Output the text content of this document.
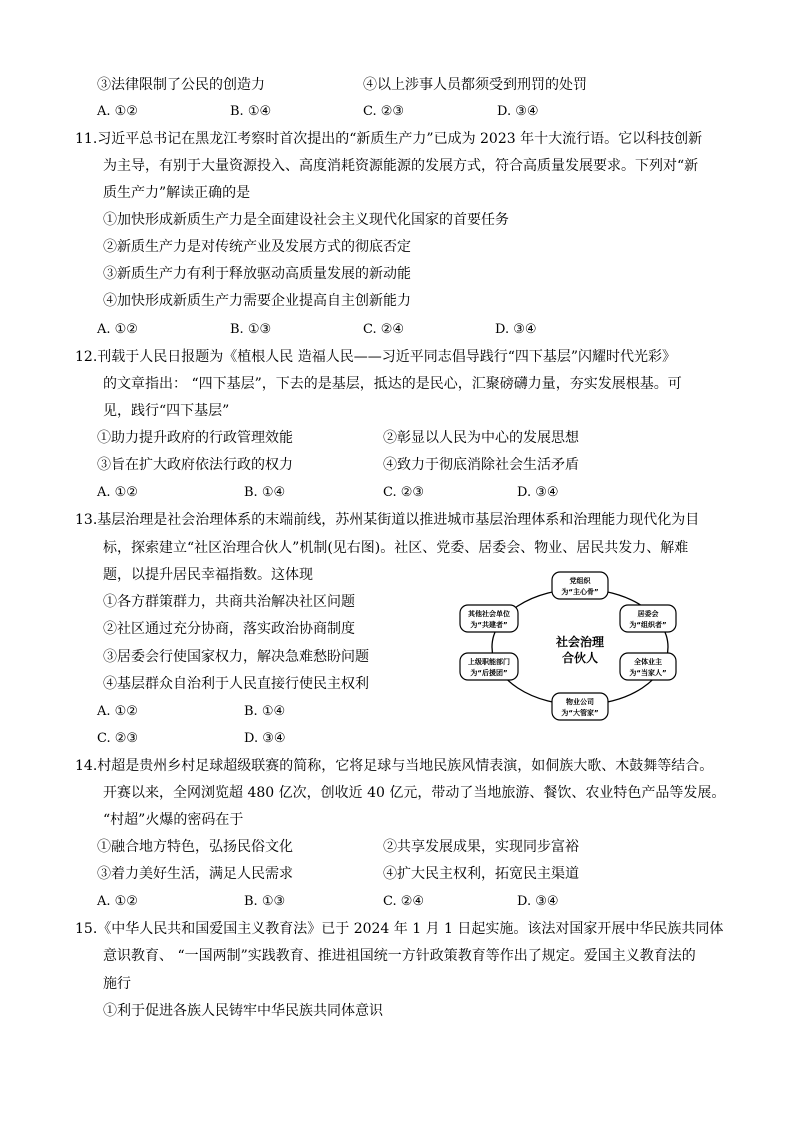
③法律限制了公民的创造力	④以上涉事人员都须受到刑罚的处罚
A. ①②	B. ①④	C. ②③	D. ③④
11.习近平总书记在黑龙江考察时首次提出的“新质生产力”已成为 2023 年十大流行语。它以科技创新
为主导，有别于大量资源投入、高度消耗资源能源的发展方式，符合高质量发展要求。下列对“新
质生产力”解读正确的是
①加快形成新质生产力是全面建设社会主义现代化国家的首要任务
②新质生产力是对传统产业及发展方式的彻底否定
③新质生产力有利于释放驱动高质量发展的新动能
④加快形成新质生产力需要企业提高自主创新能力
A. ①②	B. ①③	C. ②④	D. ③④
12.刊载于人民日报题为《植根人民 造福人民——习近平同志倡导践行“四下基层”闪耀时代光彩》
的文章指出： “四下基层”，下去的是基层，抵达的是民心，汇聚磅礴力量，夯实发展根基。可
见，践行“四下基层”
①助力提升政府的行政管理效能	②彰显以人民为中心的发展思想
③旨在扩大政府依法行政的权力	④致力于彻底消除社会生活矛盾
A. ①②	B. ①④	C. ②③	D. ③④
13.基层治理是社会治理体系的末端前线，苏州某街道以推进城市基层治理体系和治理能力现代化为目
标，探索建立“社区治理合伙人”机制(见右图)。社区、党委、居委会、物业、居民共发力、解难
题，以提升居民幸福指数。这体现
①各方群策群力，共商共治解决社区问题
②社区通过充分协商，落实政治协商制度
③居委会行使国家权力，解决急难愁盼问题
④基层群众自治利于人民直接行使民主权利
A. ①②	B. ①④
C. ②③	D. ③④
社会治理
合伙人
党组织
为“主心骨”
居委会
为“组织者”
全体业主
为“当家人”
物业公司
为“大管家”
上级职能部门
为“后援团”
其他社会单位
为“共建者”
14.村超是贵州乡村足球超级联赛的简称，它将足球与当地民族风情表演，如侗族大歌、木鼓舞等结合。
开赛以来，全网浏览超 480 亿次，创收近 40 亿元，带动了当地旅游、餐饮、农业特色产品等发展。
“村超”火爆的密码在于
①融合地方特色，弘扬民俗文化	②共享发展成果，实现同步富裕
③着力美好生活，满足人民需求	④扩大民主权利，拓宽民主渠道
A. ①②	B. ①③	C. ②④	D. ③④
15.《中华人民共和国爱国主义教育法》已于 2024 年 1 月 1 日起实施。该法对国家开展中华民族共同体
意识教育、 “一国两制”实践教育、推进祖国统一方针政策教育等作出了规定。爱国主义教育法的
施行
①利于促进各族人民铸牢中华民族共同体意识
